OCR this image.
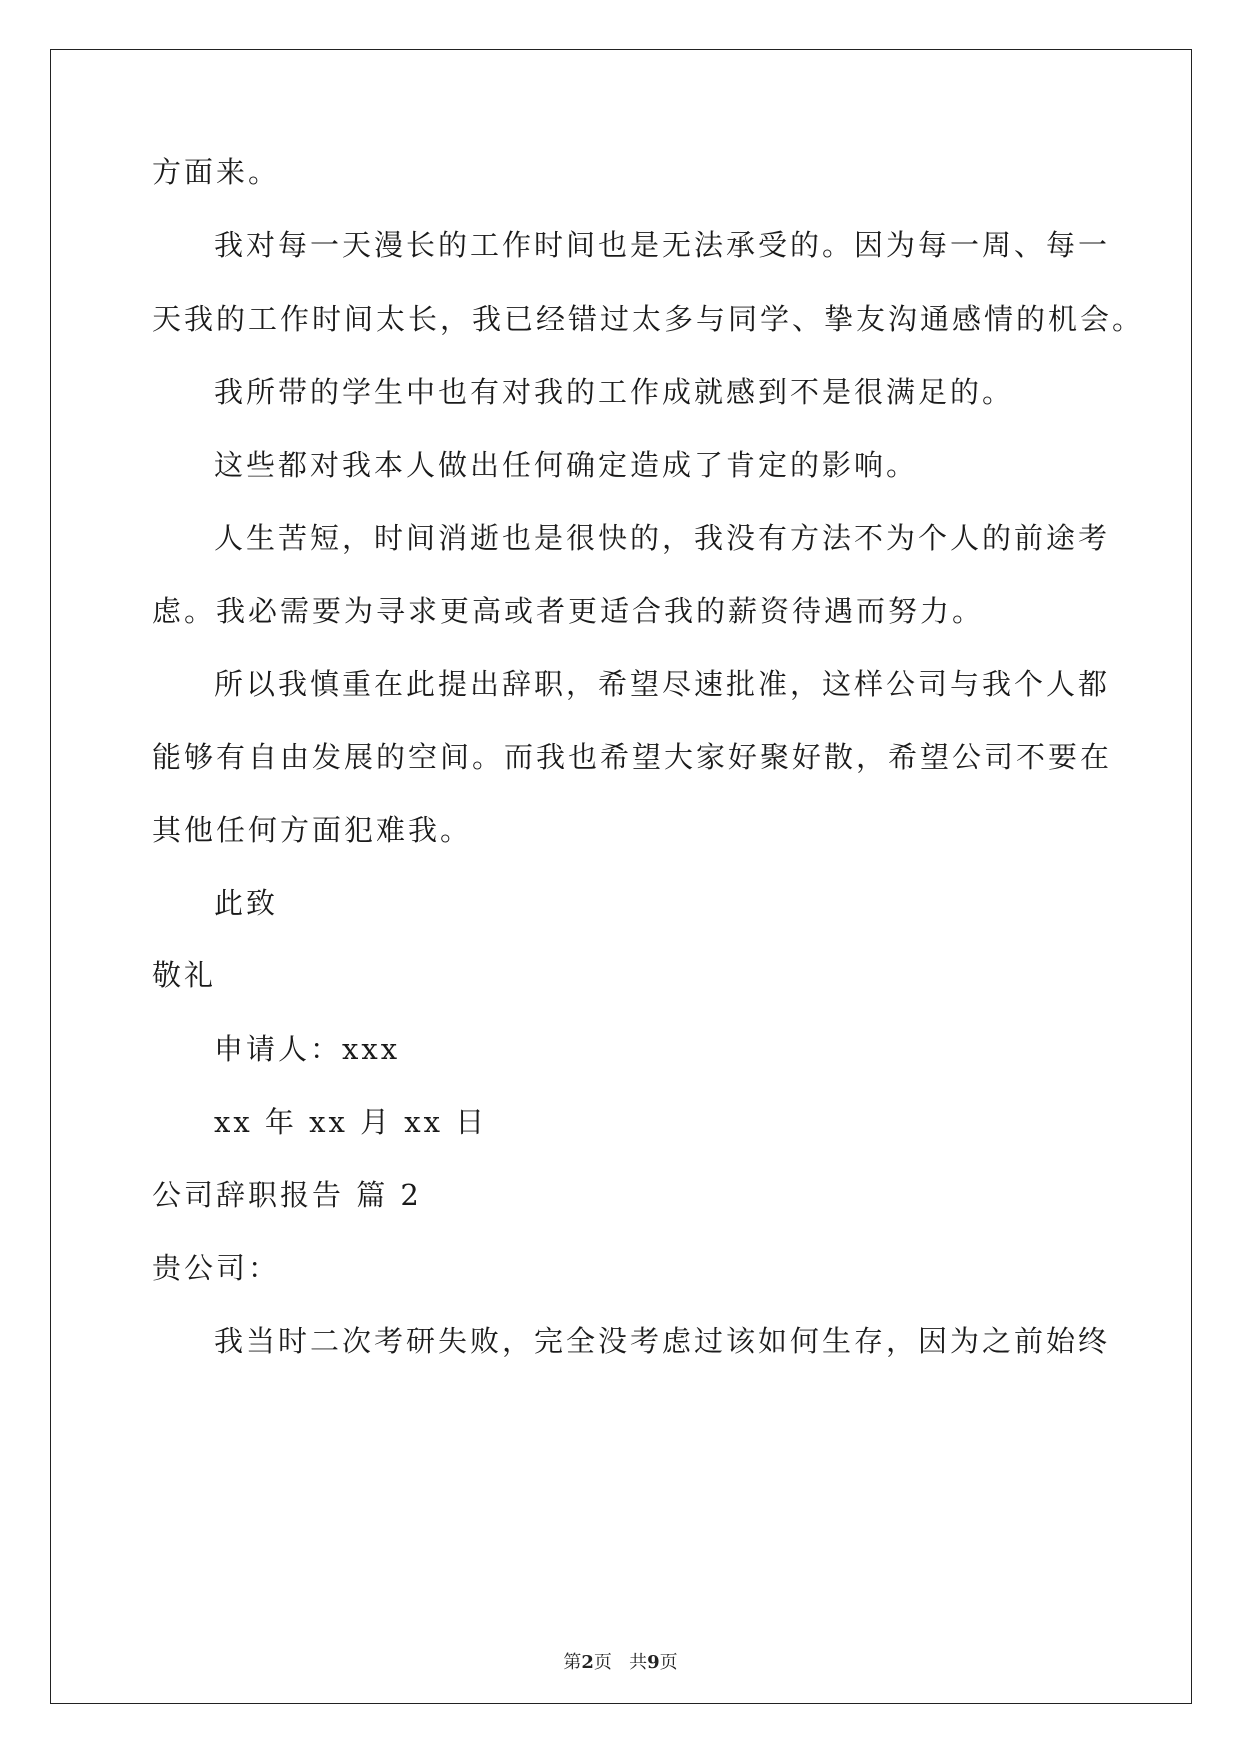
方面来。
我对每一天漫长的工作时间也是无法承受的。因为每一周、每一
天我的工作时间太长，我已经错过太多与同学、挚友沟通感情的机会。
我所带的学生中也有对我的工作成就感到不是很满足的。
这些都对我本人做出任何确定造成了肯定的影响。
人生苦短，时间消逝也是很快的，我没有方法不为个人的前途考
虑。我必需要为寻求更高或者更适合我的薪资待遇而努力。
所以我慎重在此提出辞职，希望尽速批准，这样公司与我个人都
能够有自由发展的空间。而我也希望大家好聚好散，希望公司不要在
其他任何方面犯难我。
此致
敬礼
申请人：xxx
xx 年 xx 月 xx 日
公司辞职报告 篇 2
贵公司：
我当时二次考研失败，完全没考虑过该如何生存，因为之前始终
第2页   共9页
